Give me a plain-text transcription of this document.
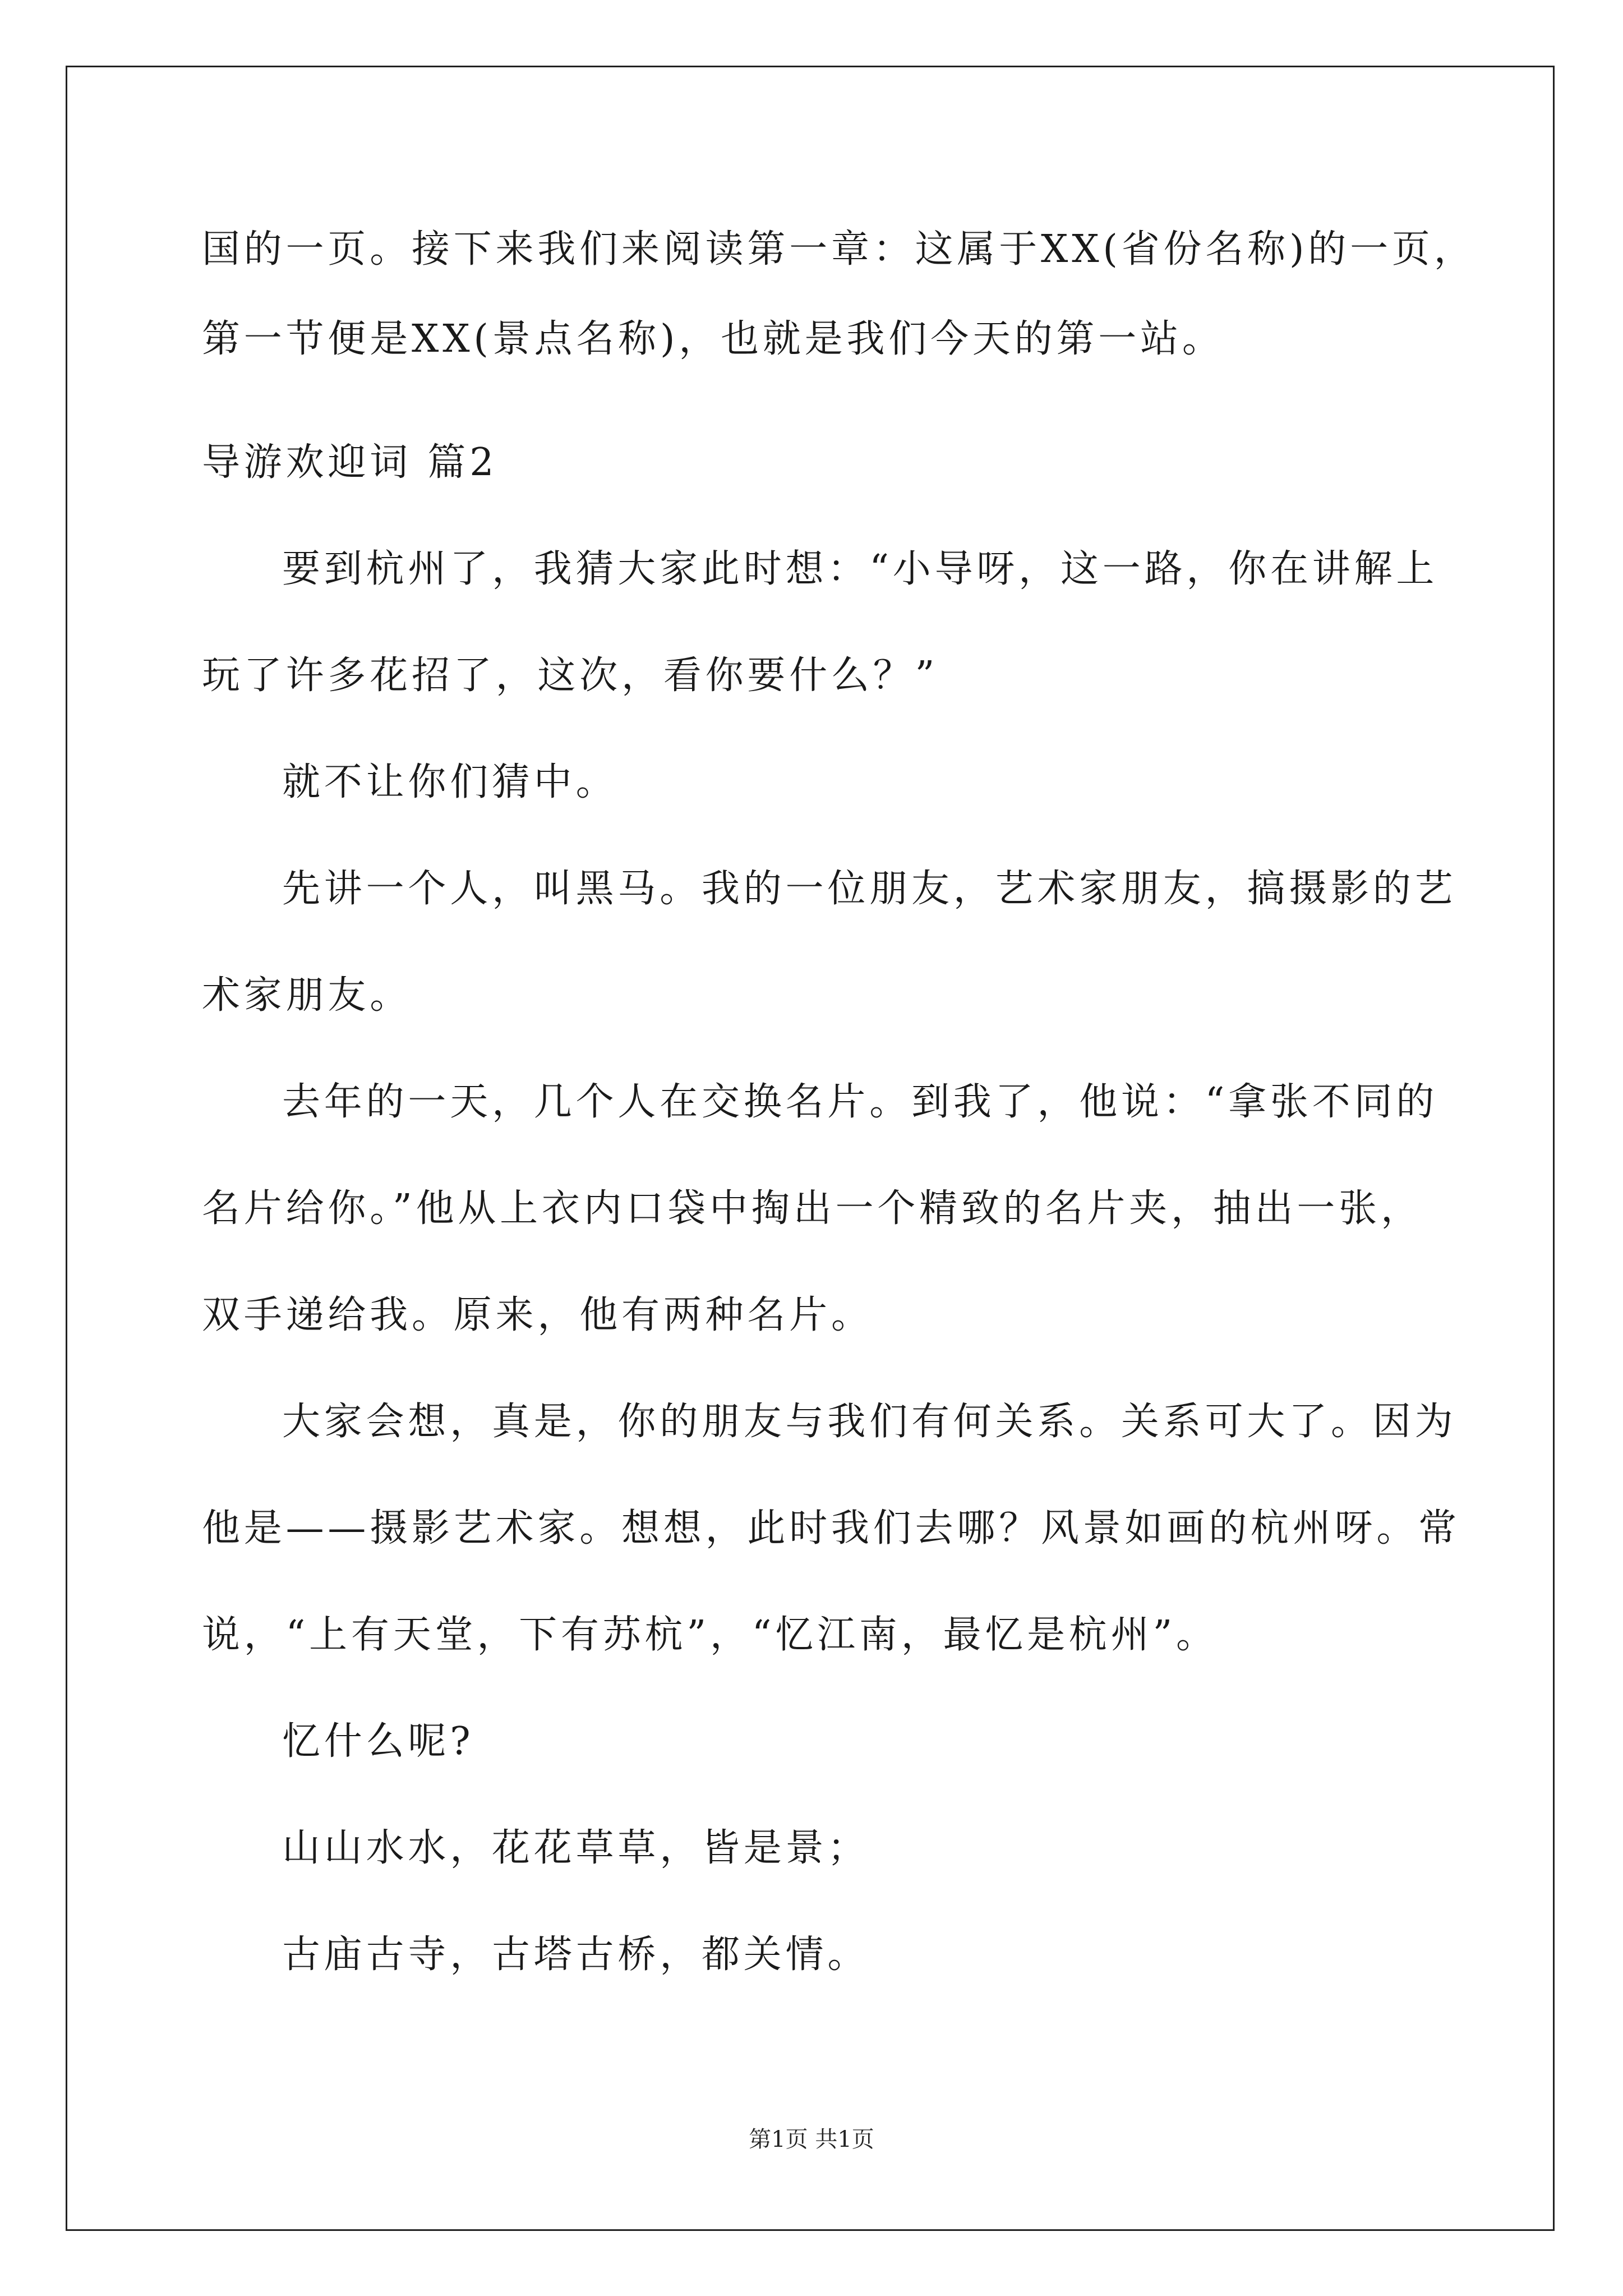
国的一页。接下来我们来阅读第一章：这属于XX(省份名称)的一页，
第一节便是XX(景点名称)，也就是我们今天的第一站。
导游欢迎词 篇2
要到杭州了，我猜大家此时想：“小导呀，这一路，你在讲解上
玩了许多花招了，这次，看你要什么？”
就不让你们猜中。
先讲一个人，叫黑马。我的一位朋友，艺术家朋友，搞摄影的艺
术家朋友。
去年的一天，几个人在交换名片。到我了，他说：“拿张不同的
名片给你。”他从上衣内口袋中掏出一个精致的名片夹，抽出一张，
双手递给我。原来，他有两种名片。
大家会想，真是，你的朋友与我们有何关系。关系可大了。因为
他是——摄影艺术家。想想，此时我们去哪？风景如画的杭州呀。常
说，“上有天堂，下有苏杭”，“忆江南，最忆是杭州”。
忆什么呢?
山山水水，花花草草，皆是景；
古庙古寺，古塔古桥，都关情。
第1页 共1页
